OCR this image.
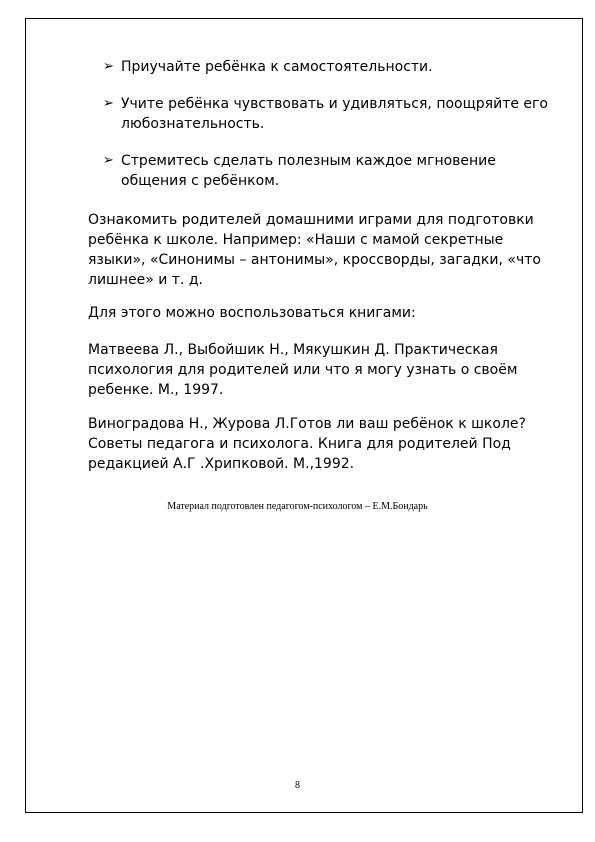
➢ Приучайте ребёнка к самостоятельности.
➢ Учите ребёнка чувствовать и удивляться, поощряйте его любознательность.
➢ Стремитесь сделать полезным каждое мгновение общения с ребёнком.
Ознакомить родителей домашними играми для подготовки ребёнка к школе. Например: «Наши с мамой секретные языки», «Синонимы – антонимы», кроссворды, загадки, «что лишнее» и т. д.
Для этого можно воспользоваться книгами:
Матвеева Л., Выбойшик Н., Мякушкин Д. Практическая психология для родителей или что я могу узнать о своём ребенке. М., 1997.
Виноградова Н., Журова Л.Готов ли ваш ребёнок к школе? Советы педагога и психолога. Книга для родителей Под редакцией А.Г .Хрипковой. М.,1992.
Материал подготовлен педагогом-психологом – Е.М.Бондарь
8
